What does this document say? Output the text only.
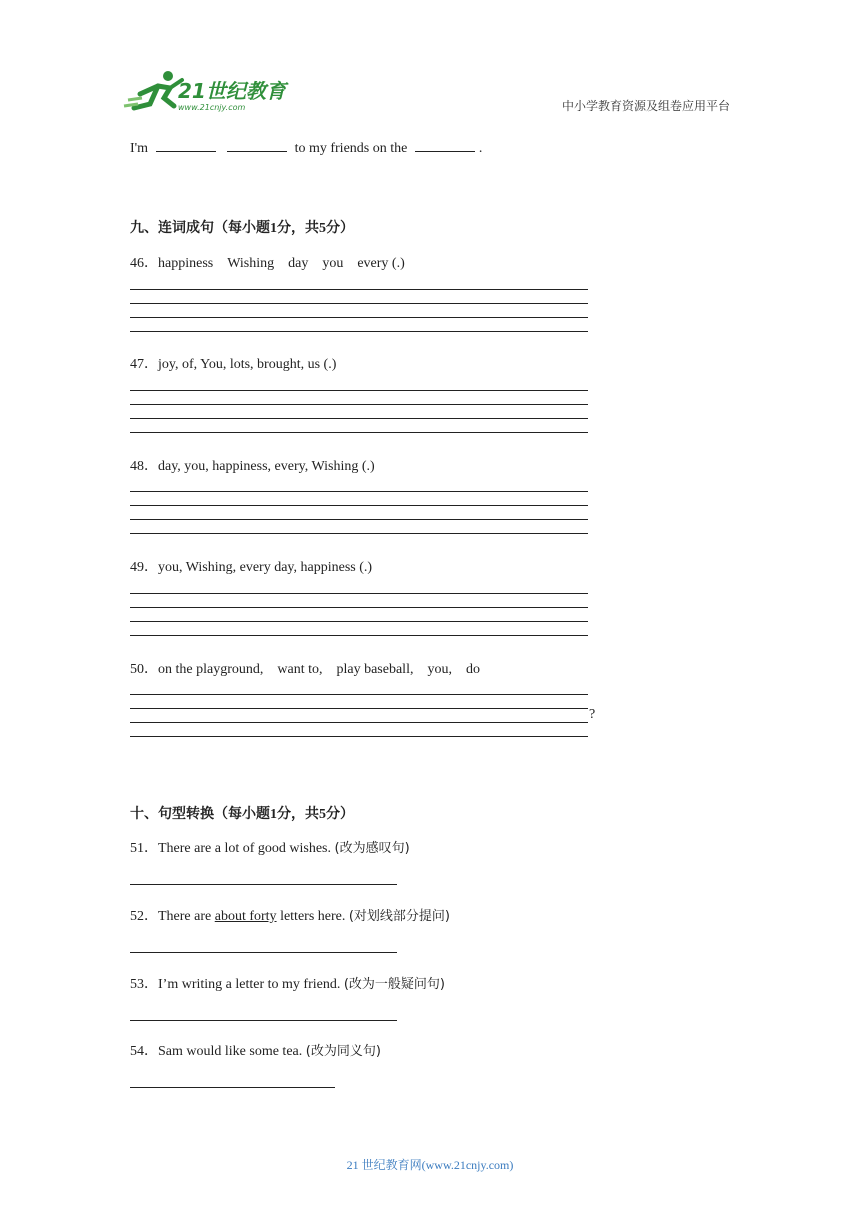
21世纪教育
www.21cnjy.com	中小学教育资源及组卷应用平台
I'm	to my friends on the	.
九、连词成句（每小题1分，共5分）
46．happiness Wishing day you every (.)
47．joy, of, You, lots, brought, us (.)
48．day, you, happiness, every, Wishing (.)
49．you, Wishing, every day, happiness (.)
50．on the playground, want to, play baseball, you, do
?
十、句型转换（每小题1分，共5分）
51．There are a lot of good wishes. (改为感叹句)
52．There are about forty letters here. (对划线部分提问)
53．I’m writing a letter to my friend. (改为一般疑问句)
54．Sam would like some tea. (改为同义句)
21 世纪教育网(www.21cnjy.com)
